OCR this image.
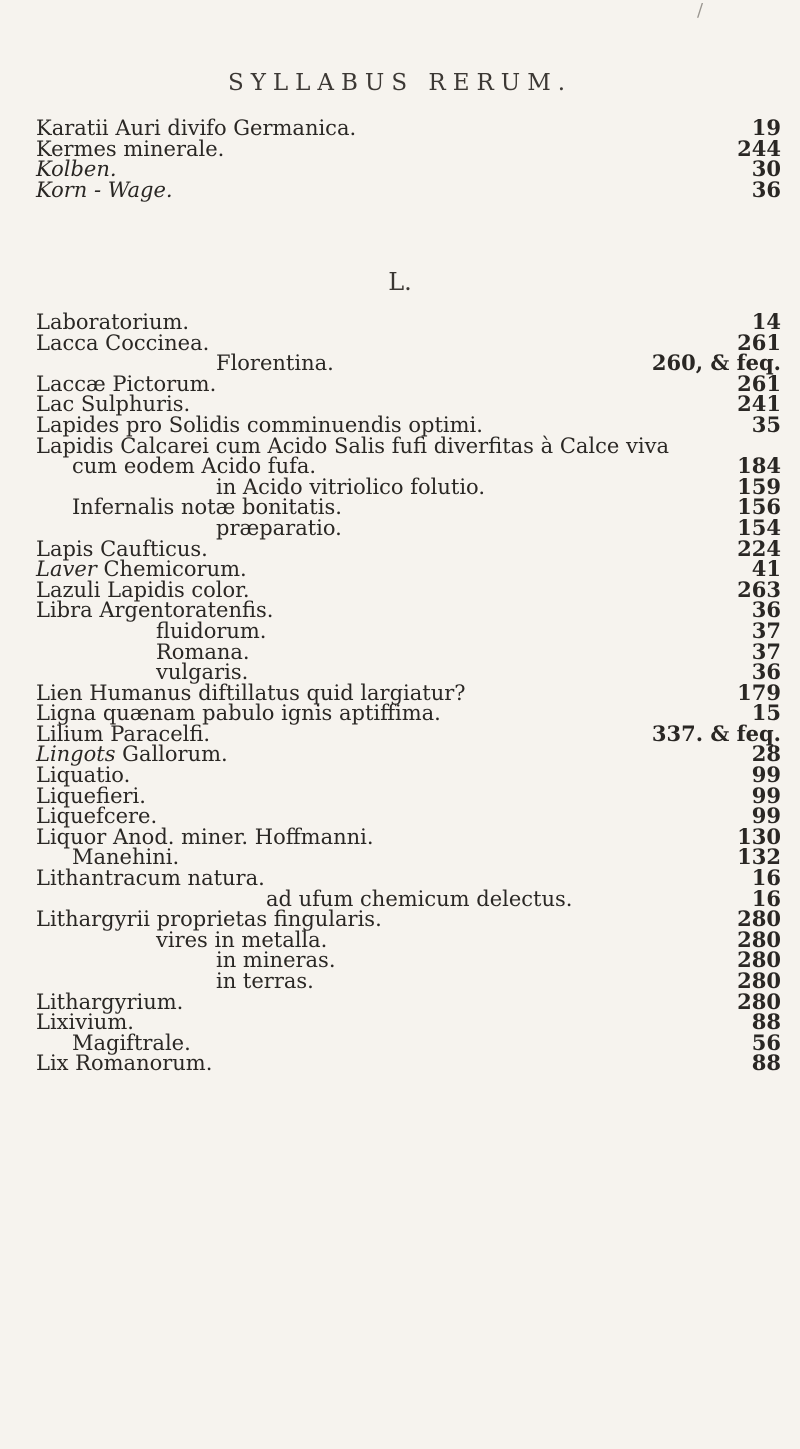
SYLLABUS RERUM.
/
Karatii Auri divifo Germanica.	19
Kermes minerale.	244
Kolben.	30
Korn - Wage.	36
L.
Laboratorium.	14
Lacca Coccinea.	261
Florentina.	260, & feq.
Laccæ Pictorum.	261
Lac Sulphuris.	241
Lapides pro Solidis comminuendis optimi.	35
Lapidis Calcarei cum Acido Salis fufi diverfitas à Calce viva
cum eodem Acido fufa.	184
in Acido vitriolico folutio.	159
Infernalis notæ bonitatis.	156
præparatio.	154
Lapis Caufticus.	224
Laver Chemicorum.	41
Lazuli Lapidis color.	263
Libra Argentoratenfis.	36
fluidorum.	37
Romana.	37
vulgaris.	36
Lien Humanus diftillatus quid largiatur?	179
Ligna quænam pabulo ignis aptiffima.	15
Lilium Paracelfi.	337. & feq.
Lingots Gallorum.	28
Liquatio.	99
Liquefieri.	99
Liquefcere.	99
Liquor Anod. miner. Hoffmanni.	130
Manehini.	132
Lithantracum natura.	16
ad ufum chemicum delectus.	16
Lithargyrii proprietas fingularis.	280
vires in metalla.	280
in mineras.	280
in terras.	280
Lithargyrium.	280
Lixivium.	88
Magiftrale.	56
Lix Romanorum.	88
